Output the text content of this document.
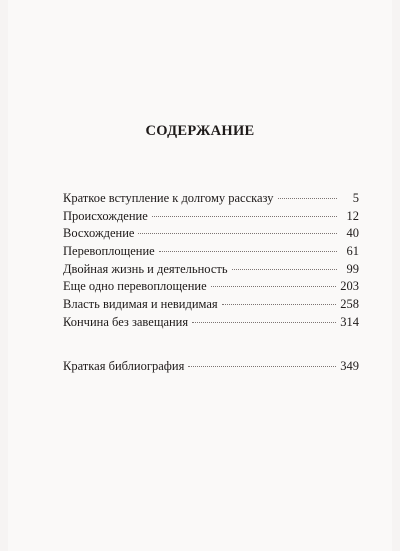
СОДЕРЖАНИЕ
Краткое вступление к долгому рассказу	5
Происхождение	12
Восхождение	40
Перевоплощение	61
Двойная жизнь и деятельность	99
Еще одно перевоплощение	203
Власть видимая и невидимая	258
Кончина без завещания	314
Краткая библиография	349
